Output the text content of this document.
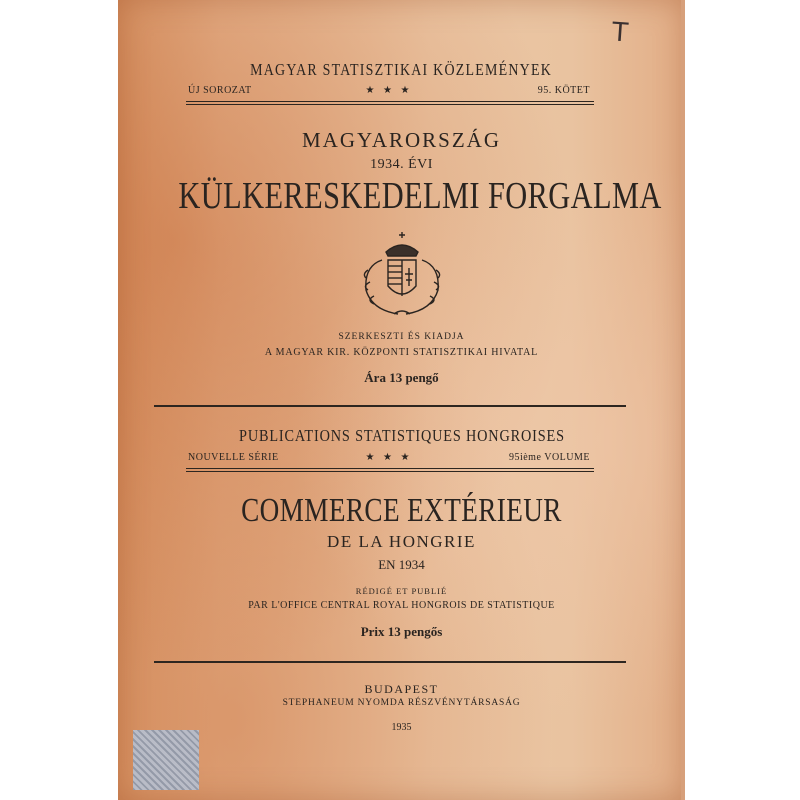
T
MAGYAR STATISZTIKAI KÖZLEMÉNYEK
ÚJ SOROZAT	★ ★ ★	95. KÖTET
MAGYARORSZÁG
1934. ÉVI
KÜLKERESKEDELMI FORGALMA
SZERKESZTI ÉS KIADJA
A MAGYAR KIR. KÖZPONTI STATISZTIKAI HIVATAL
Ára 13 pengő
PUBLICATIONS STATISTIQUES HONGROISES
NOUVELLE SÉRIE	★ ★ ★	95ième VOLUME
COMMERCE EXTÉRIEUR
DE LA HONGRIE
EN 1934
RÉDIGÉ ET PUBLIÉ
PAR L'OFFICE CENTRAL ROYAL HONGROIS DE STATISTIQUE
Prix 13 pengős
BUDAPEST
STEPHANEUM NYOMDA RÉSZVÉNYTÁRSASÁG
1935
